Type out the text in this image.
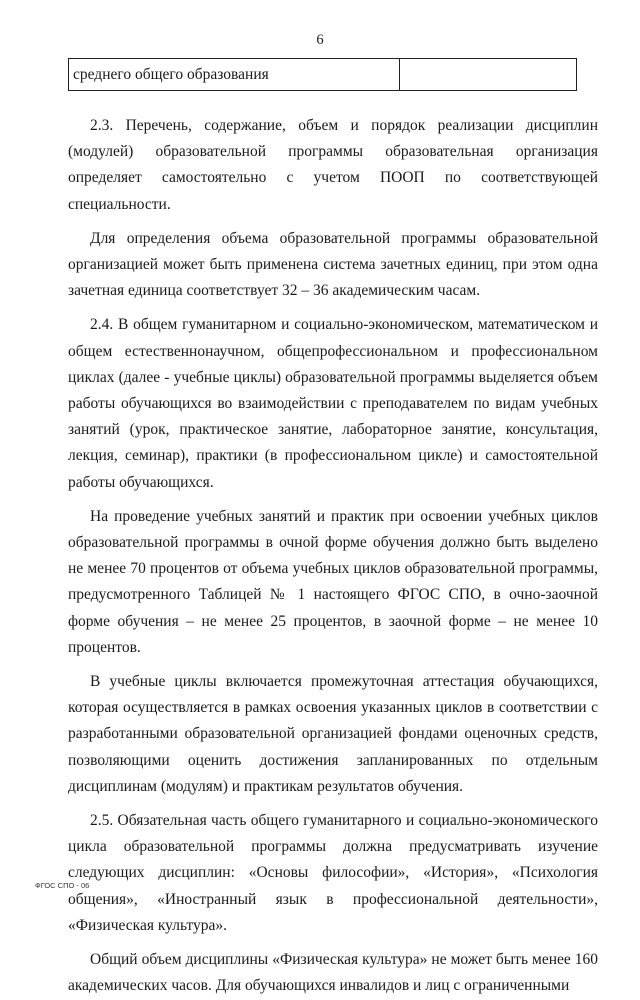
6
среднего общего образования	

2.3. Перечень, содержание, объем и порядок реализации дисциплин (модулей) образовательной программы образовательная организация определяет самостоятельно с учетом ПООП по соответствующей специальности.

Для определения объема образовательной программы образовательной организацией может быть применена система зачетных единиц, при этом одна зачетная единица соответствует 32 – 36 академическим часам.

2.4. В общем гуманитарном и социально-экономическом, математическом и общем естественнонаучном, общепрофессиональном и профессиональном циклах (далее - учебные циклы) образовательной программы выделяется объем работы обучающихся во взаимодействии с преподавателем по видам учебных занятий (урок, практическое занятие, лабораторное занятие, консультация, лекция, семинар), практики (в профессиональном цикле) и самостоятельной работы обучающихся.

На проведение учебных занятий и практик при освоении учебных циклов образовательной программы в очной форме обучения должно быть выделено не менее 70 процентов от объема учебных циклов образовательной программы, предусмотренного Таблицей № 1 настоящего ФГОС СПО, в очно-заочной форме обучения – не менее 25 процентов, в заочной форме – не менее 10 процентов.

В учебные циклы включается промежуточная аттестация обучающихся, которая осуществляется в рамках освоения указанных циклов в соответствии с разработанными образовательной организацией фондами оценочных средств, позволяющими оценить достижения запланированных по отдельным дисциплинам (модулям) и практикам результатов обучения.

2.5. Обязательная часть общего гуманитарного и социально-экономического цикла образовательной программы должна предусматривать изучение следующих дисциплин: «Основы философии», «История», «Психология общения», «Иностранный язык в профессиональной деятельности», «Физическая культура».

Общий объем дисциплины «Физическая культура» не может быть менее 160 академических часов. Для обучающихся инвалидов и лиц с ограниченными

ФГОС СПО - 06
